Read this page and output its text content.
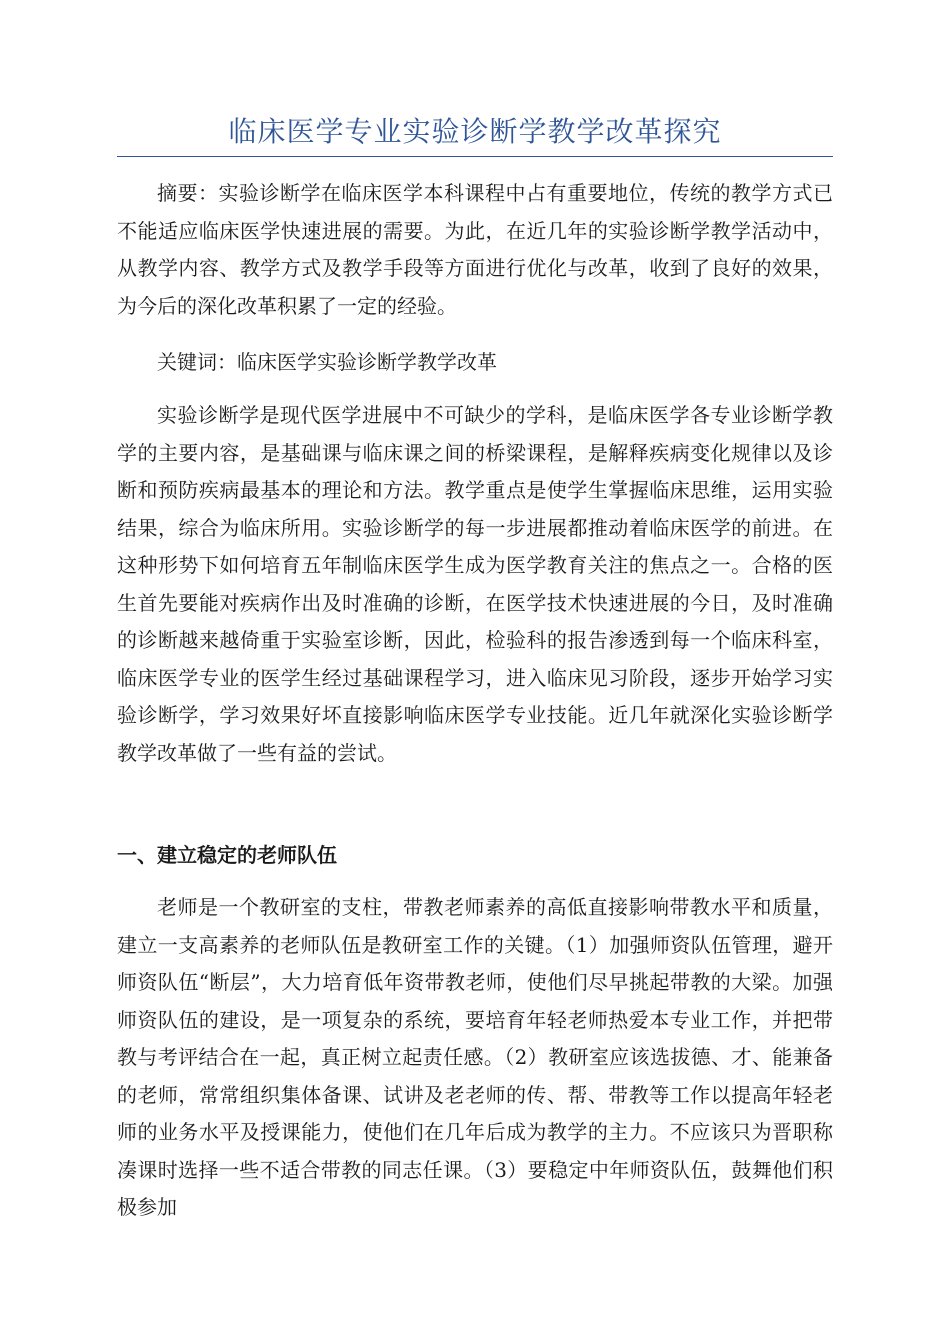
临床医学专业实验诊断学教学改革探究

摘要：实验诊断学在临床医学本科课程中占有重要地位，传统的教学方式已不能适应临床医学快速进展的需要。为此，在近几年的实验诊断学教学活动中，从教学内容、教学方式及教学手段等方面进行优化与改革，收到了良好的效果，为今后的深化改革积累了一定的经验。

关键词：临床医学实验诊断学教学改革

实验诊断学是现代医学进展中不可缺少的学科，是临床医学各专业诊断学教学的主要内容，是基础课与临床课之间的桥梁课程，是解释疾病变化规律以及诊断和预防疾病最基本的理论和方法。教学重点是使学生掌握临床思维，运用实验结果，综合为临床所用。实验诊断学的每一步进展都推动着临床医学的前进。在这种形势下如何培育五年制临床医学生成为医学教育关注的焦点之一。合格的医生首先要能对疾病作出及时准确的诊断，在医学技术快速进展的今日，及时准确的诊断越来越倚重于实验室诊断，因此，检验科的报告渗透到每一个临床科室，临床医学专业的医学生经过基础课程学习，进入临床见习阶段，逐步开始学习实验诊断学，学习效果好坏直接影响临床医学专业技能。近几年就深化实验诊断学教学改革做了一些有益的尝试。

一、建立稳定的老师队伍

老师是一个教研室的支柱，带教老师素养的高低直接影响带教水平和质量，建立一支高素养的老师队伍是教研室工作的关键。（1）加强师资队伍管理，避开师资队伍“断层”，大力培育低年资带教老师，使他们尽早挑起带教的大梁。加强师资队伍的建设，是一项复杂的系统，要培育年轻老师热爱本专业工作，并把带教与考评结合在一起，真正树立起责任感。（2）教研室应该选拔德、才、能兼备的老师，常常组织集体备课、试讲及老老师的传、帮、带教等工作以提高年轻老师的业务水平及授课能力，使他们在几年后成为教学的主力。不应该只为晋职称凑课时选择一些不适合带教的同志任课。（3）要稳定中年师资队伍，鼓舞他们积极参加
